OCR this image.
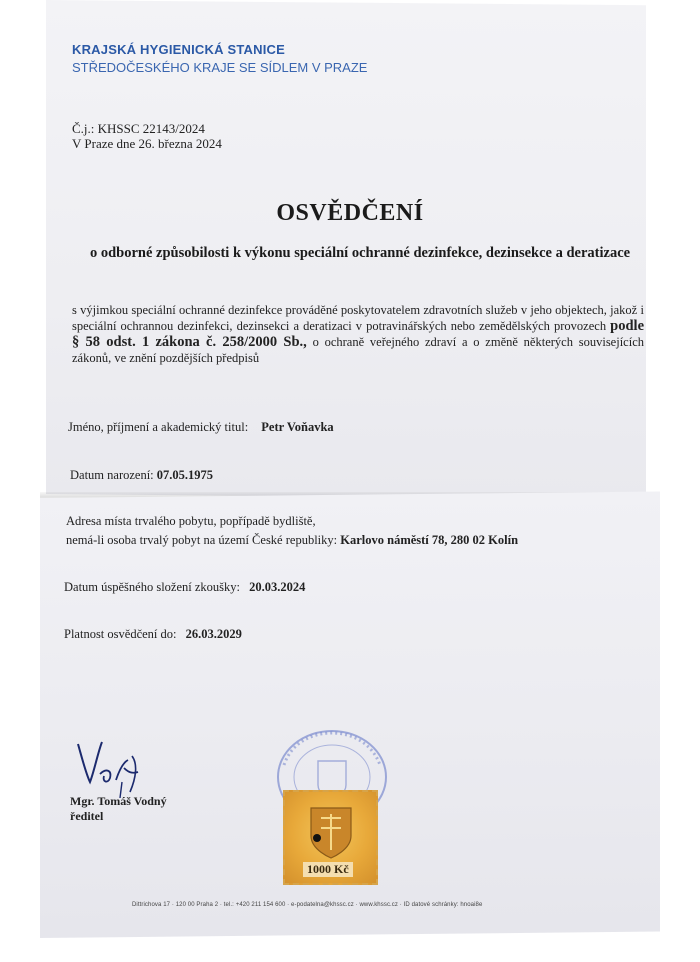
KRAJSKÁ HYGIENICKÁ STANICE
STŘEDOČESKÉHO KRAJE SE SÍDLEM V PRAZE
Č.j.: KHSSC 22143/2024
V Praze dne 26. března 2024
OSVĚDČENÍ
o odborné způsobilosti k výkonu speciální ochranné dezinfekce, dezinsekce a deratizace
s výjimkou speciální ochranné dezinfekce prováděné poskytovatelem zdravotních služeb v jeho objektech, jakož i speciální ochrannou dezinfekci, dezinsekci a deratizaci v potravinářských nebo zemědělských provozech podle § 58 odst. 1 zákona č. 258/2000 Sb., o ochraně veřejného zdraví a o změně některých souvisejících zákonů, ve znění pozdějších předpisů
Jméno, příjmení a akademický titul: Petr Voňavka
Datum narození: 07.05.1975
Adresa místa trvalého pobytu, popřípadě bydliště,
nemá-li osoba trvalý pobyt na území České republiky: Karlovo náměstí 78, 280 02 Kolín
Datum úspěšného složení zkoušky: 20.03.2024
Platnost osvědčení do: 26.03.2029
Mgr. Tomáš Vodný
ředitel
1000 Kč
Dittrichova 17 · 120 00 Praha 2 · tel.: +420 211 154 600 · e-podatelna@khssc.cz · www.khssc.cz · ID datové schránky: hnoai8e
